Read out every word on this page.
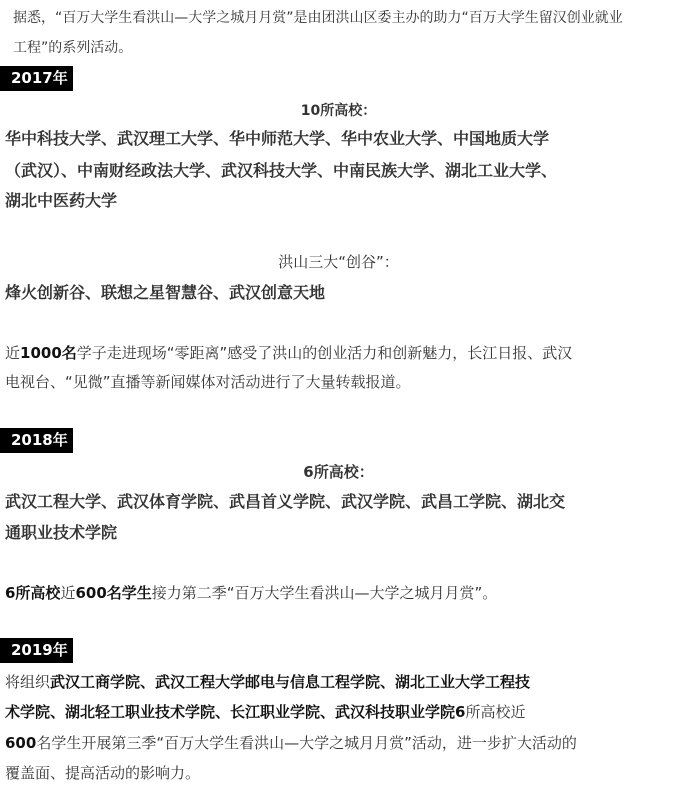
据悉，“百万大学生看洪山—大学之城月月赏”是由团洪山区委主办的助力“百万大学生留汉创业就业

工程”的系列活动。

2017年

10所高校：

华中科技大学、武汉理工大学、华中师范大学、华中农业大学、中国地质大学

（武汉）、中南财经政法大学、武汉科技大学、中南民族大学、湖北工业大学、

湖北中医药大学

洪山三大“创谷”：

烽火创新谷、联想之星智慧谷、武汉创意天地

近1000名学子走进现场“零距离”感受了洪山的创业活力和创新魅力，长江日报、武汉

电视台、“见微”直播等新闻媒体对活动进行了大量转载报道。

2018年

6所高校：

武汉工程大学、武汉体育学院、武昌首义学院、武汉学院、武昌工学院、湖北交

通职业技术学院

6所高校近600名学生接力第二季“百万大学生看洪山—大学之城月月赏”。

2019年

将组织武汉工商学院、武汉工程大学邮电与信息工程学院、湖北工业大学工程技

术学院、湖北轻工职业技术学院、长江职业学院、武汉科技职业学院6所高校近

600名学生开展第三季“百万大学生看洪山—大学之城月月赏”活动，进一步扩大活动的

覆盖面、提高活动的影响力。
